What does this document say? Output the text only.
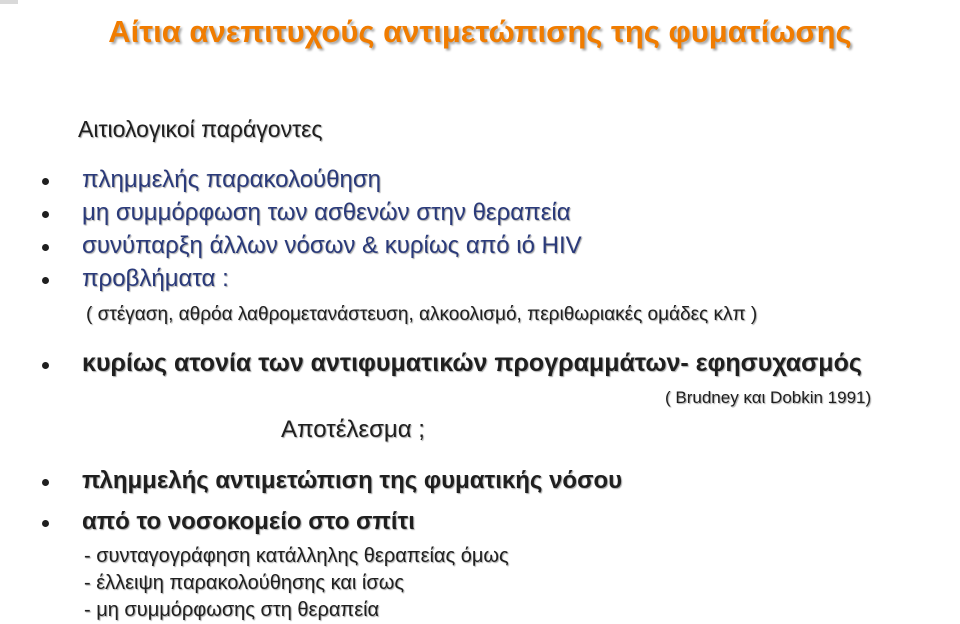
Αίτια ανεπιτυχούς αντιμετώπισης της φυματίωσης
Αιτιολογικοί παράγοντες
πλημμελής παρακολούθηση
μη συμμόρφωση των ασθενών στην θεραπεία
συνύπαρξη άλλων νόσων & κυρίως από ιό HIV
προβλήματα :
( στέγαση, αθρόα λαθρομετανάστευση, αλκοολισμό, περιθωριακές ομάδες κλπ )
κυρίως ατονία των αντιφυματικών προγραμμάτων- εφησυχασμός
( Brudney και Dobkin 1991)
Αποτέλεσμα ;
πλημμελής αντιμετώπιση της φυματικής νόσου
από το νοσοκομείο στο σπίτι
- συνταγογράφηση κατάλληλης θεραπείας όμως
- έλλειψη παρακολούθησης και ίσως
- μη συμμόρφωσης στη θεραπεία
